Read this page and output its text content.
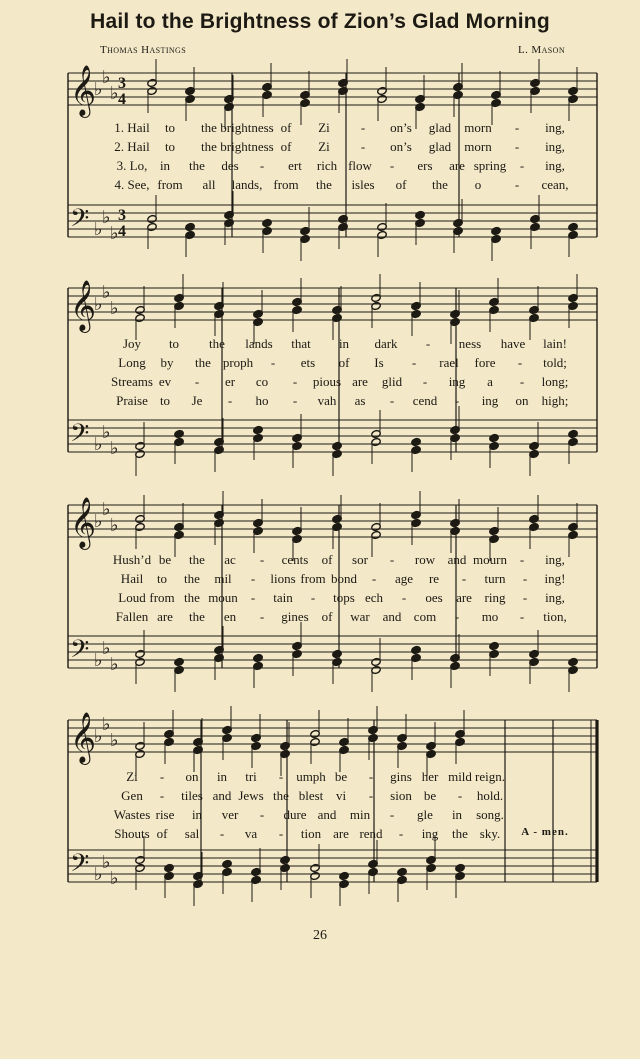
Hail to the Brightness of Zion’s Glad Morning
Thomas Hastings	L. Mason
𝄞
𝄢
♭
♭
♭
♭
♭
♭
3
4
3
4
1. Hail to the brightness of Zi - on’s glad morn - ing,
2. Hail to the brightness of Zi - on’s glad morn - ing,
3. Lo, in the des - ert rich flow - ers are spring - ing,
4. See, from all lands, from the isles of the o	- cean,
𝄞
𝄢
♭
♭
♭
♭
♭
♭
Joy to the lands that in dark - ness have lain!
Long by the proph - ets of Is - rael fore - told;
Streams ev - er co - pious are glid - ing a - long;
Praise to Je - ho - vah as - cend - ing on high;
𝄞
𝄢
♭
♭
♭
♭
♭
♭
Hush’d be the ac - cents of sor - row and mourn - ing,
Hail to the mil - lions from bond - age re - turn - ing!
Loud from the moun - tain - tops ech - oes are ring - ing,
Fallen are the en - gines of war and com - mo - tion,
𝄞
𝄢
♭
♭
♭
♭
♭
♭
Zi - on in tri - umph be - gins her mild reign.
Gen - tiles and Jews the blest vi - sion be - hold.
Wastes rise in ver - dure and min - gle in song.
Shouts of sal - va - tion are rend - ing the sky. A - men.
26
